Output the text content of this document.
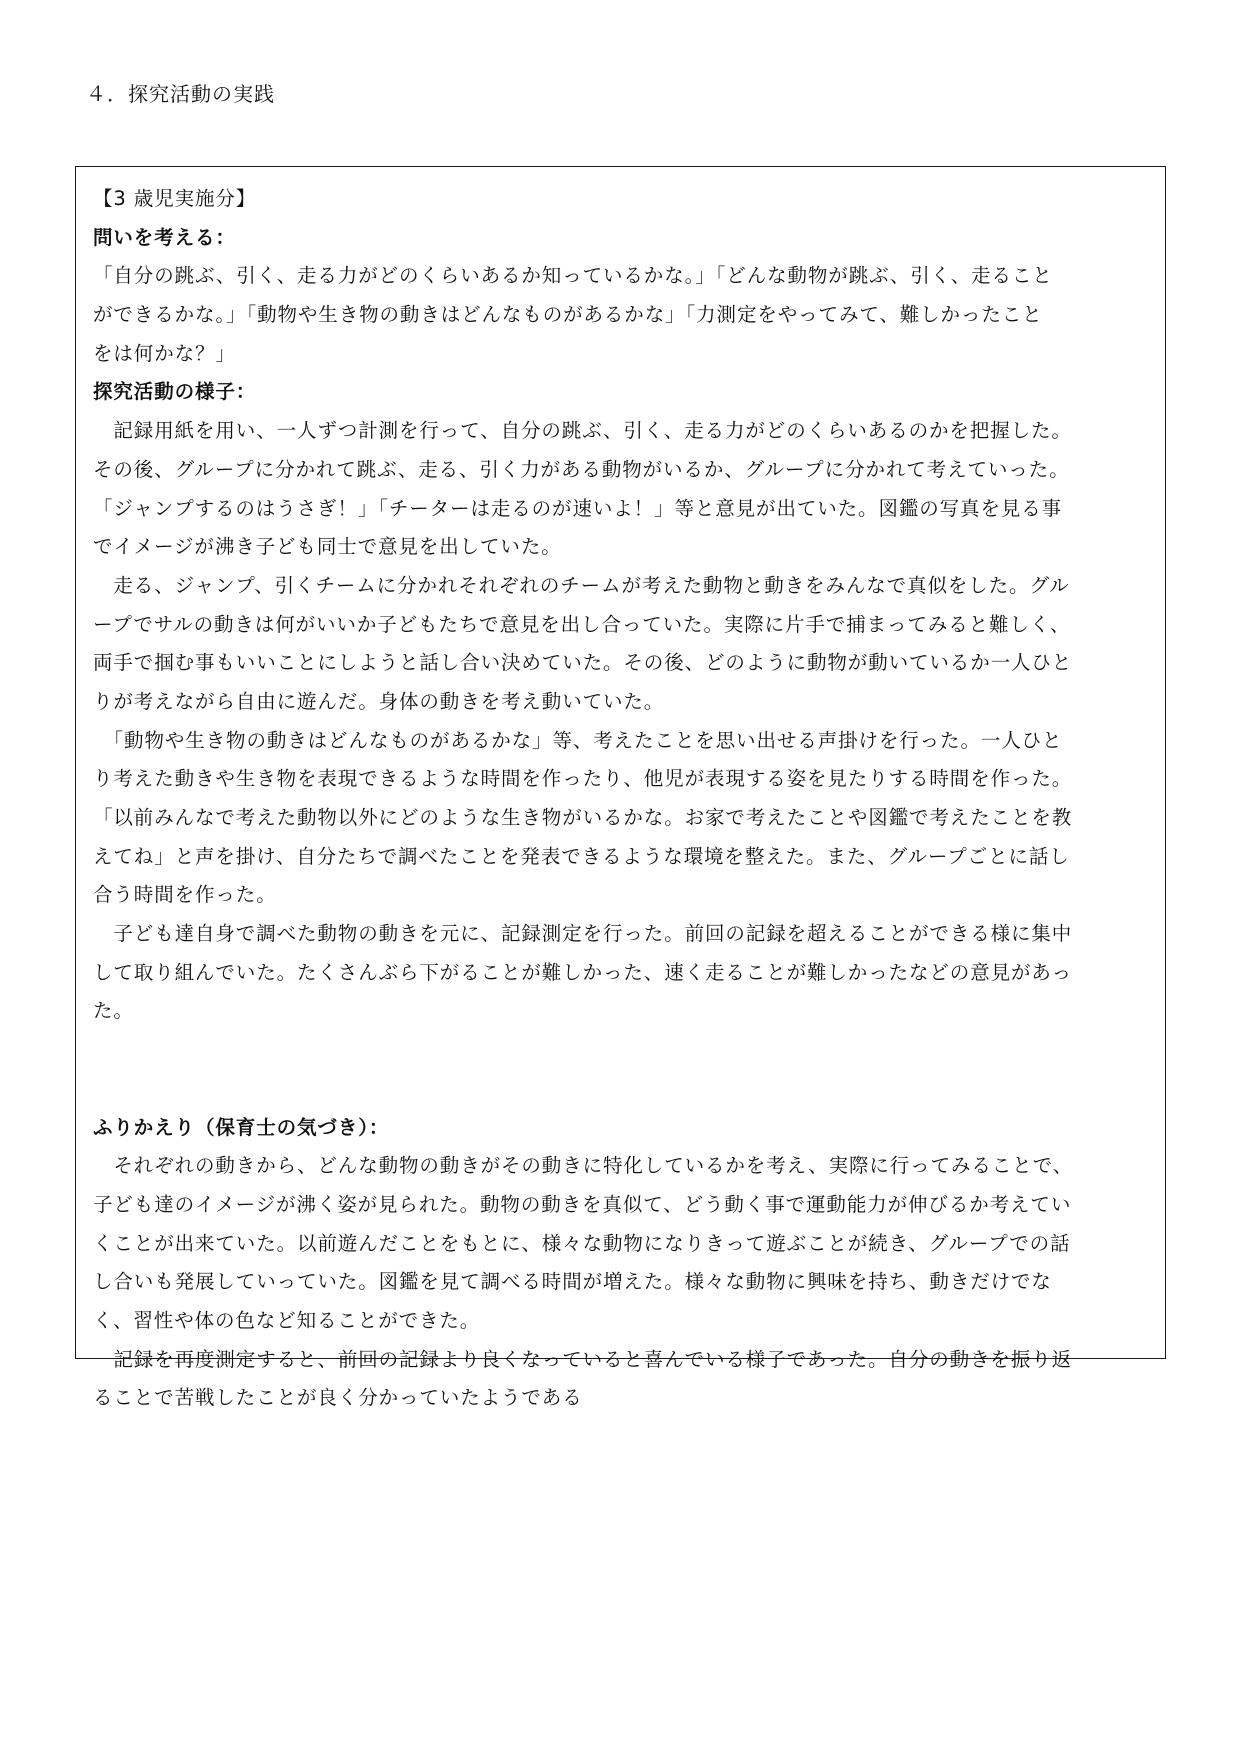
４．探究活動の実践
【3 歳児実施分】
問いを考える：
「自分の跳ぶ、引く、走る力がどのくらいあるか知っているかな。」「どんな動物が跳ぶ、引く、走ること
ができるかな。」「動物や生き物の動きはどんなものがあるかな」「力測定をやってみて、難しかったこと
をは何かな？」
探究活動の様子：
　記録用紙を用い、一人ずつ計測を行って、自分の跳ぶ、引く、走る力がどのくらいあるのかを把握した。
その後、グループに分かれて跳ぶ、走る、引く力がある動物がいるか、グループに分かれて考えていった。
「ジャンプするのはうさぎ！」「チーターは走るのが速いよ！」等と意見が出ていた。図鑑の写真を見る事
でイメージが沸き子ども同士で意見を出していた。
　走る、ジャンプ、引くチームに分かれそれぞれのチームが考えた動物と動きをみんなで真似をした。グル
ープでサルの動きは何がいいか子どもたちで意見を出し合っていた。実際に片手で捕まってみると難しく、
両手で掴む事もいいことにしようと話し合い決めていた。その後、どのように動物が動いているか一人ひと
りが考えながら自由に遊んだ。身体の動きを考え動いていた。
　「動物や生き物の動きはどんなものがあるかな」等、考えたことを思い出せる声掛けを行った。一人ひと
り考えた動きや生き物を表現できるような時間を作ったり、他児が表現する姿を見たりする時間を作った。
「以前みんなで考えた動物以外にどのような生き物がいるかな。お家で考えたことや図鑑で考えたことを教
えてね」と声を掛け、自分たちで調べたことを発表できるような環境を整えた。また、グループごとに話し
合う時間を作った。
　子ども達自身で調べた動物の動きを元に、記録測定を行った。前回の記録を超えることができる様に集中
して取り組んでいた。たくさんぶら下がることが難しかった、速く走ることが難しかったなどの意見があっ
た。
ふりかえり（保育士の気づき）：
　それぞれの動きから、どんな動物の動きがその動きに特化しているかを考え、実際に行ってみることで、
子ども達のイメージが沸く姿が見られた。動物の動きを真似て、どう動く事で運動能力が伸びるか考えてい
くことが出来ていた。以前遊んだことをもとに、様々な動物になりきって遊ぶことが続き、グループでの話
し合いも発展していっていた。図鑑を見て調べる時間が増えた。様々な動物に興味を持ち、動きだけでな
く、習性や体の色など知ることができた。
　記録を再度測定すると、前回の記録より良くなっていると喜んでいる様子であった。自分の動きを振り返
ることで苦戦したことが良く分かっていたようである
